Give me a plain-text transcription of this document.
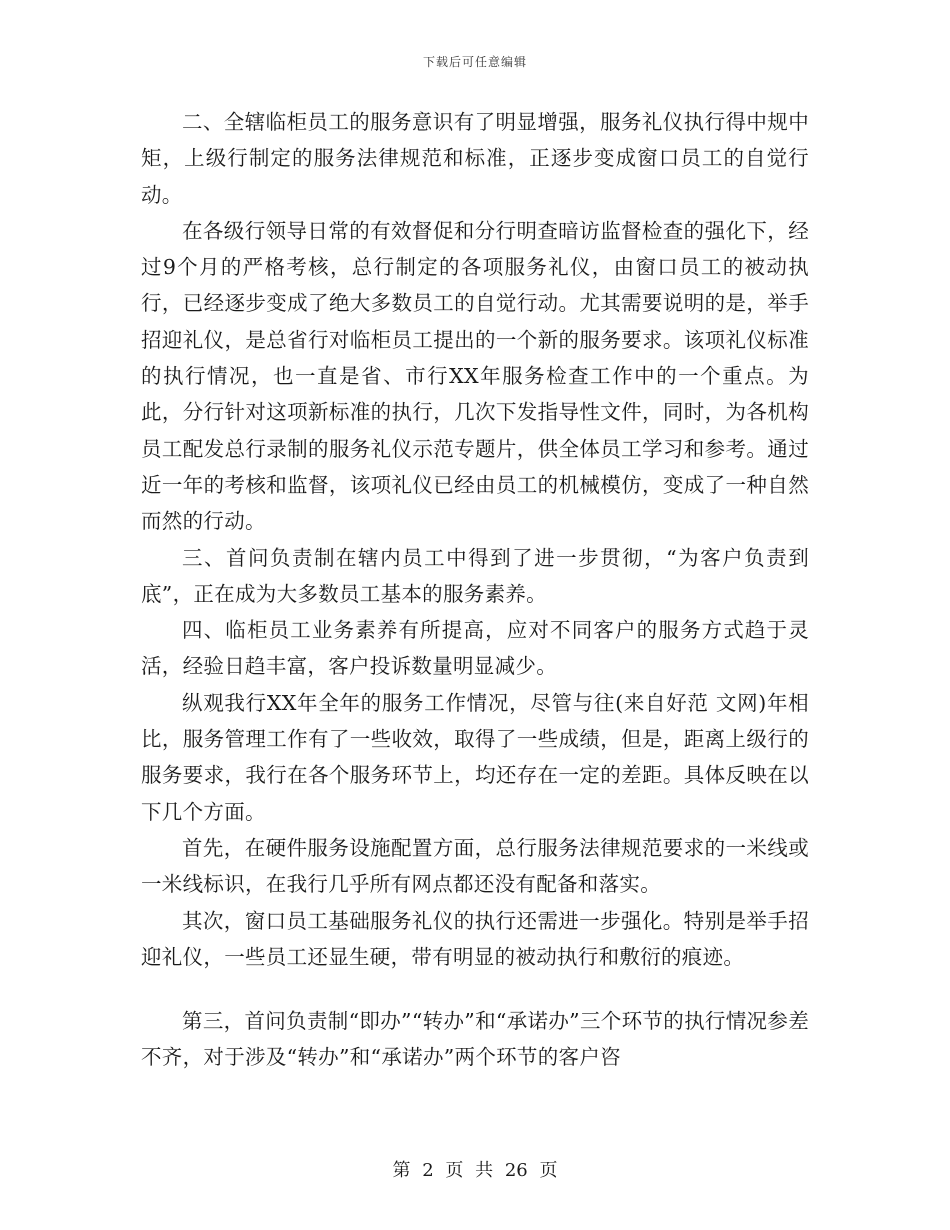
下载后可任意编辑

二、全辖临柜员工的服务意识有了明显增强，服务礼仪执行得中规中矩，上级行制定的服务法律规范和标准，正逐步变成窗口员工的自觉行动。

在各级行领导日常的有效督促和分行明查暗访监督检查的强化下，经过9个月的严格考核，总行制定的各项服务礼仪，由窗口员工的被动执行，已经逐步变成了绝大多数员工的自觉行动。尤其需要说明的是，举手招迎礼仪，是总省行对临柜员工提出的一个新的服务要求。该项礼仪标准的执行情况，也一直是省、市行XX年服务检查工作中的一个重点。为此，分行针对这项新标准的执行，几次下发指导性文件，同时，为各机构员工配发总行录制的服务礼仪示范专题片，供全体员工学习和参考。通过近一年的考核和监督，该项礼仪已经由员工的机械模仿，变成了一种自然而然的行动。

三、首问负责制在辖内员工中得到了进一步贯彻，“为客户负责到底”，正在成为大多数员工基本的服务素养。

四、临柜员工业务素养有所提高，应对不同客户的服务方式趋于灵活，经验日趋丰富，客户投诉数量明显减少。

纵观我行XX年全年的服务工作情况，尽管与往(来自好范 文网)年相比，服务管理工作有了一些收效，取得了一些成绩，但是，距离上级行的服务要求，我行在各个服务环节上，均还存在一定的差距。具体反映在以下几个方面。

首先，在硬件服务设施配置方面，总行服务法律规范要求的一米线或一米线标识，在我行几乎所有网点都还没有配备和落实。

其次，窗口员工基础服务礼仪的执行还需进一步强化。特别是举手招迎礼仪，一些员工还显生硬，带有明显的被动执行和敷衍的痕迹。

第三，首问负责制“即办”“转办”和“承诺办”三个环节的执行情况参差不齐，对于涉及“转办”和“承诺办”两个环节的客户咨

第 2 页 共 26 页
